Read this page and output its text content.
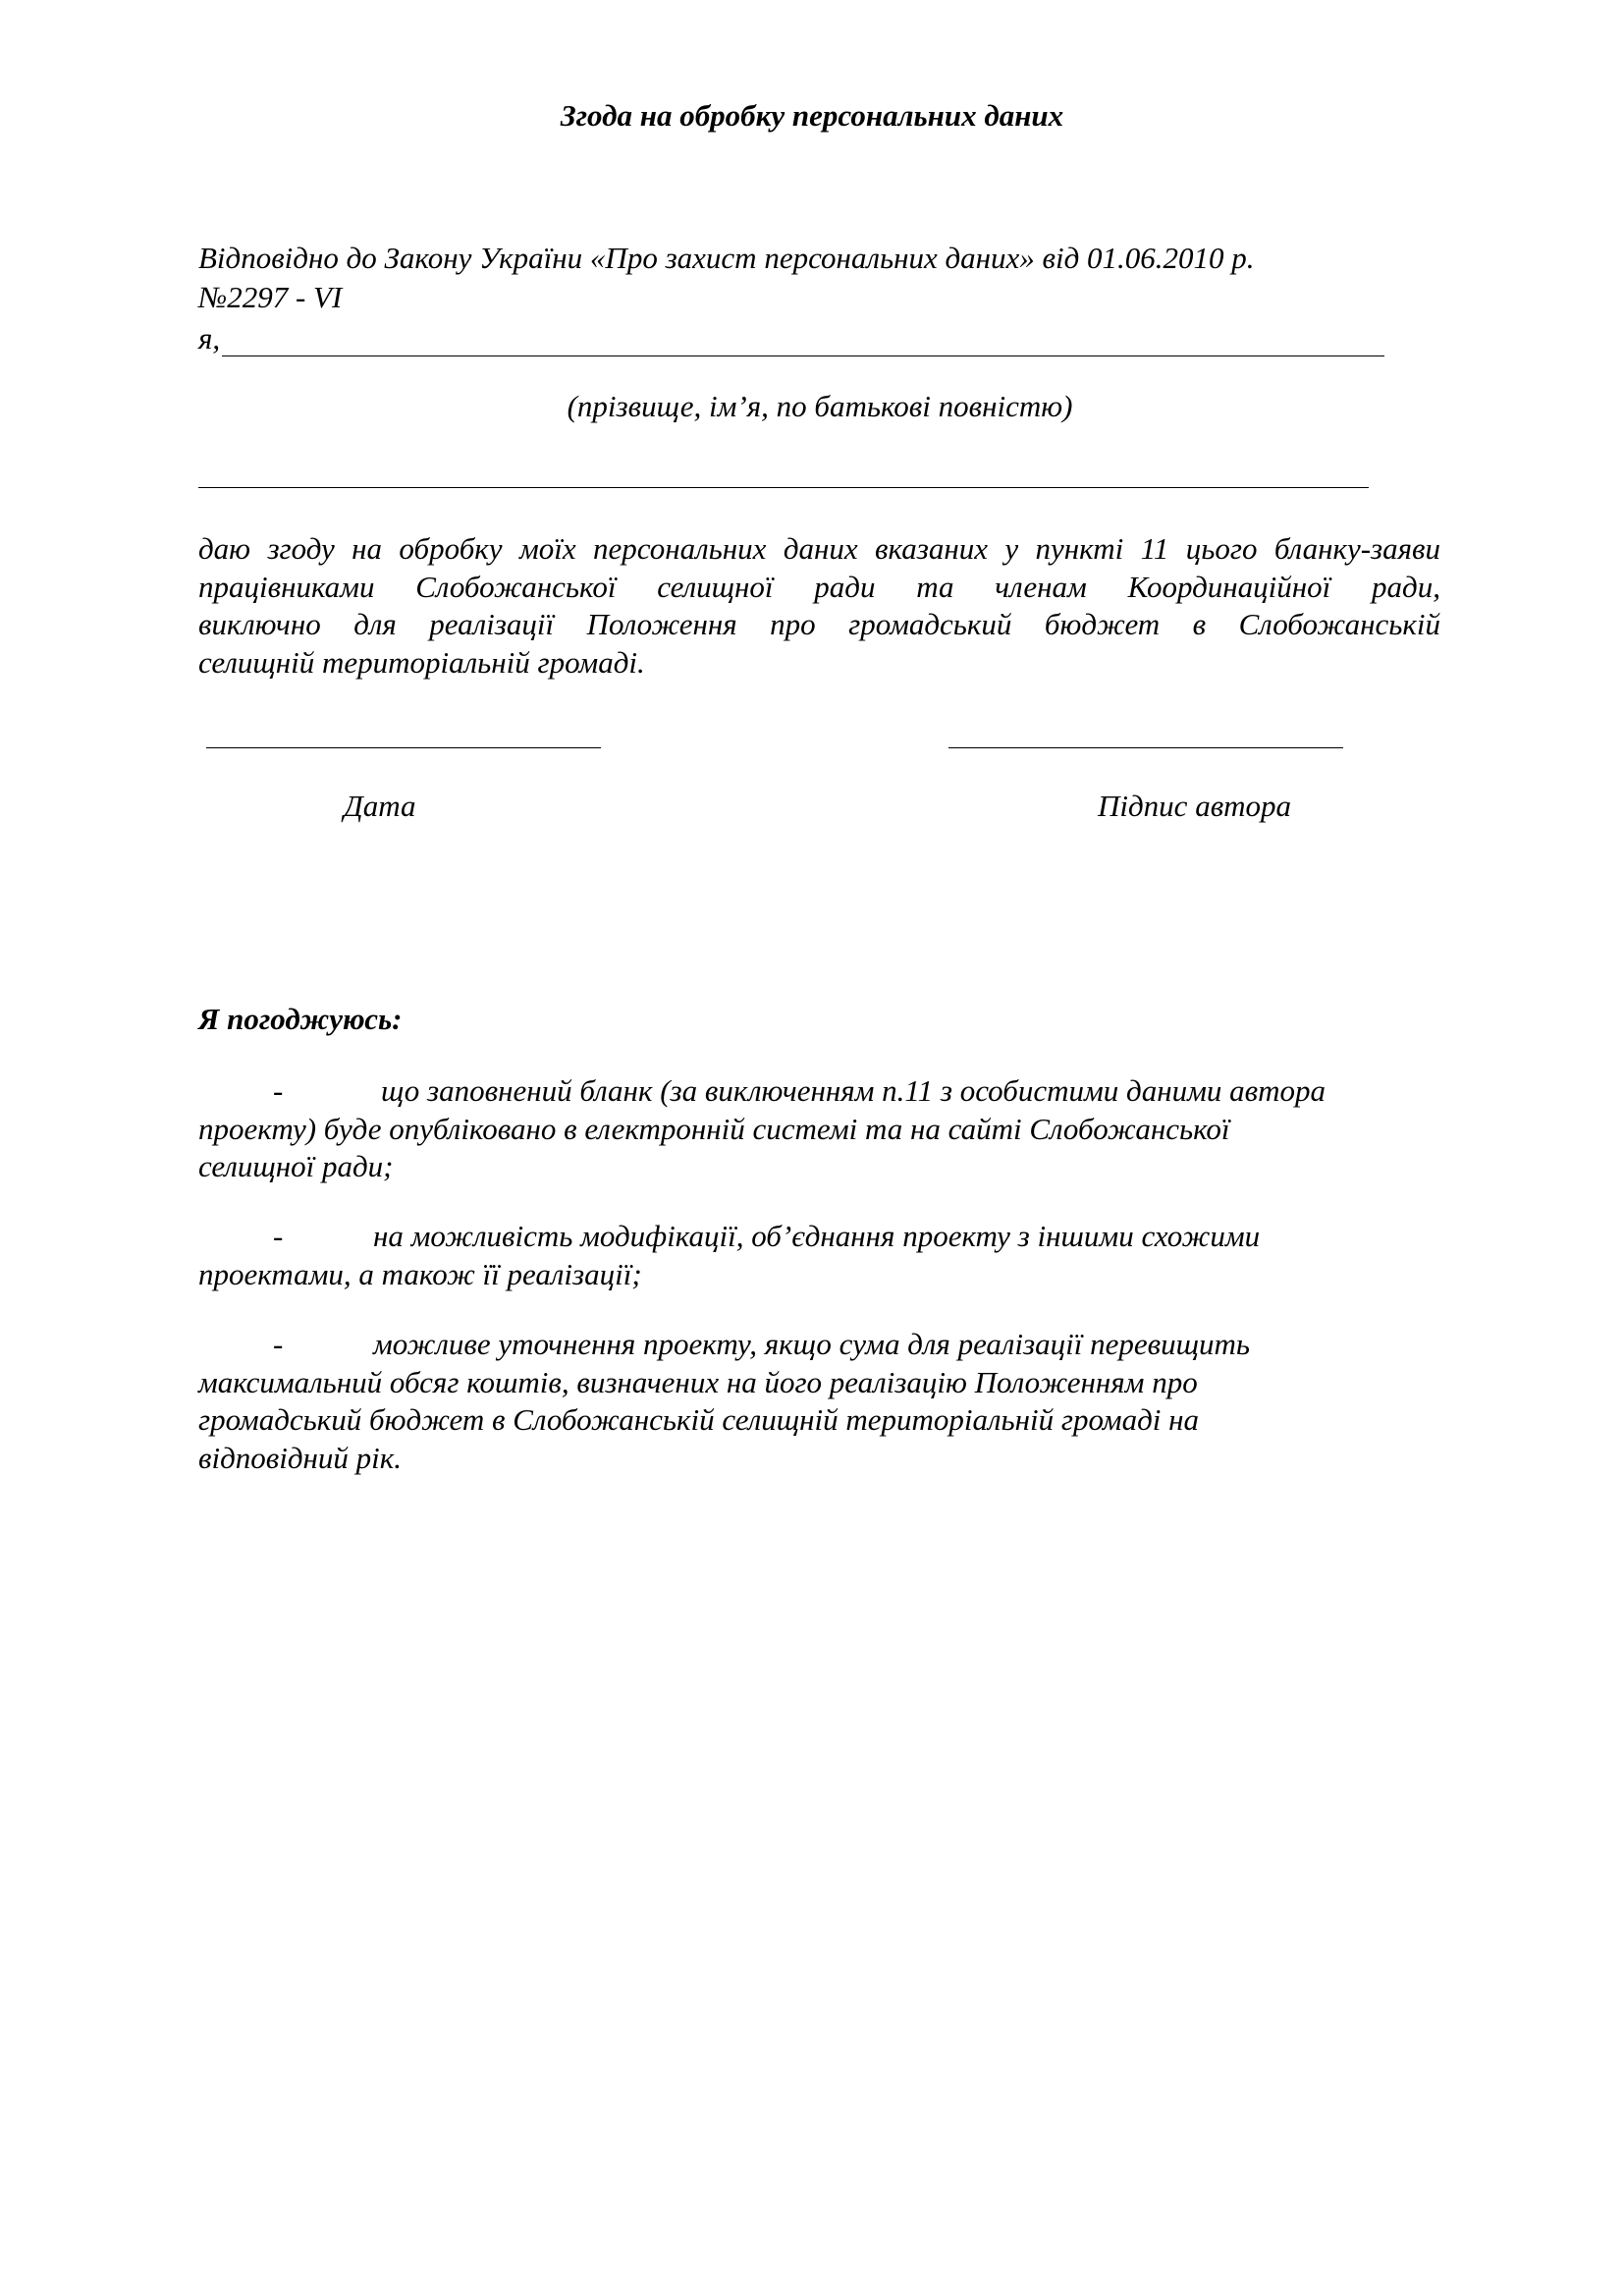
Згода на обробку персональних даних
Відповідно до Закону України «Про захист персональних даних» від 01.06.2010 р.
№2297 - VI
я,
(прізвище, ім’я, по батькові повністю)
даю згоду на обробку моїх персональних даних вказаних у пункті 11 цього бланку-заяви
працівниками Слобожанської селищної ради та членам Координаційної ради,
виключно для реалізації Положення про громадський бюджет в Слобожанській
селищній територіальній громаді.
Дата	Підпис автора
Я погоджуюсь:
-	що заповнений бланк (за виключенням п.11 з особистими даними автора
проекту) буде опубліковано в електронній системі та на сайті Слобожанської
селищної ради;
-	на можливість модифікації, об’єднання проекту з іншими схожими
проектами, а також її реалізації;
-	можливе уточнення проекту, якщо сума для реалізації перевищить
максимальний обсяг коштів, визначених на його реалізацію Положенням про
громадський бюджет в Слобожанській селищній територіальній громаді на
відповідний рік.
